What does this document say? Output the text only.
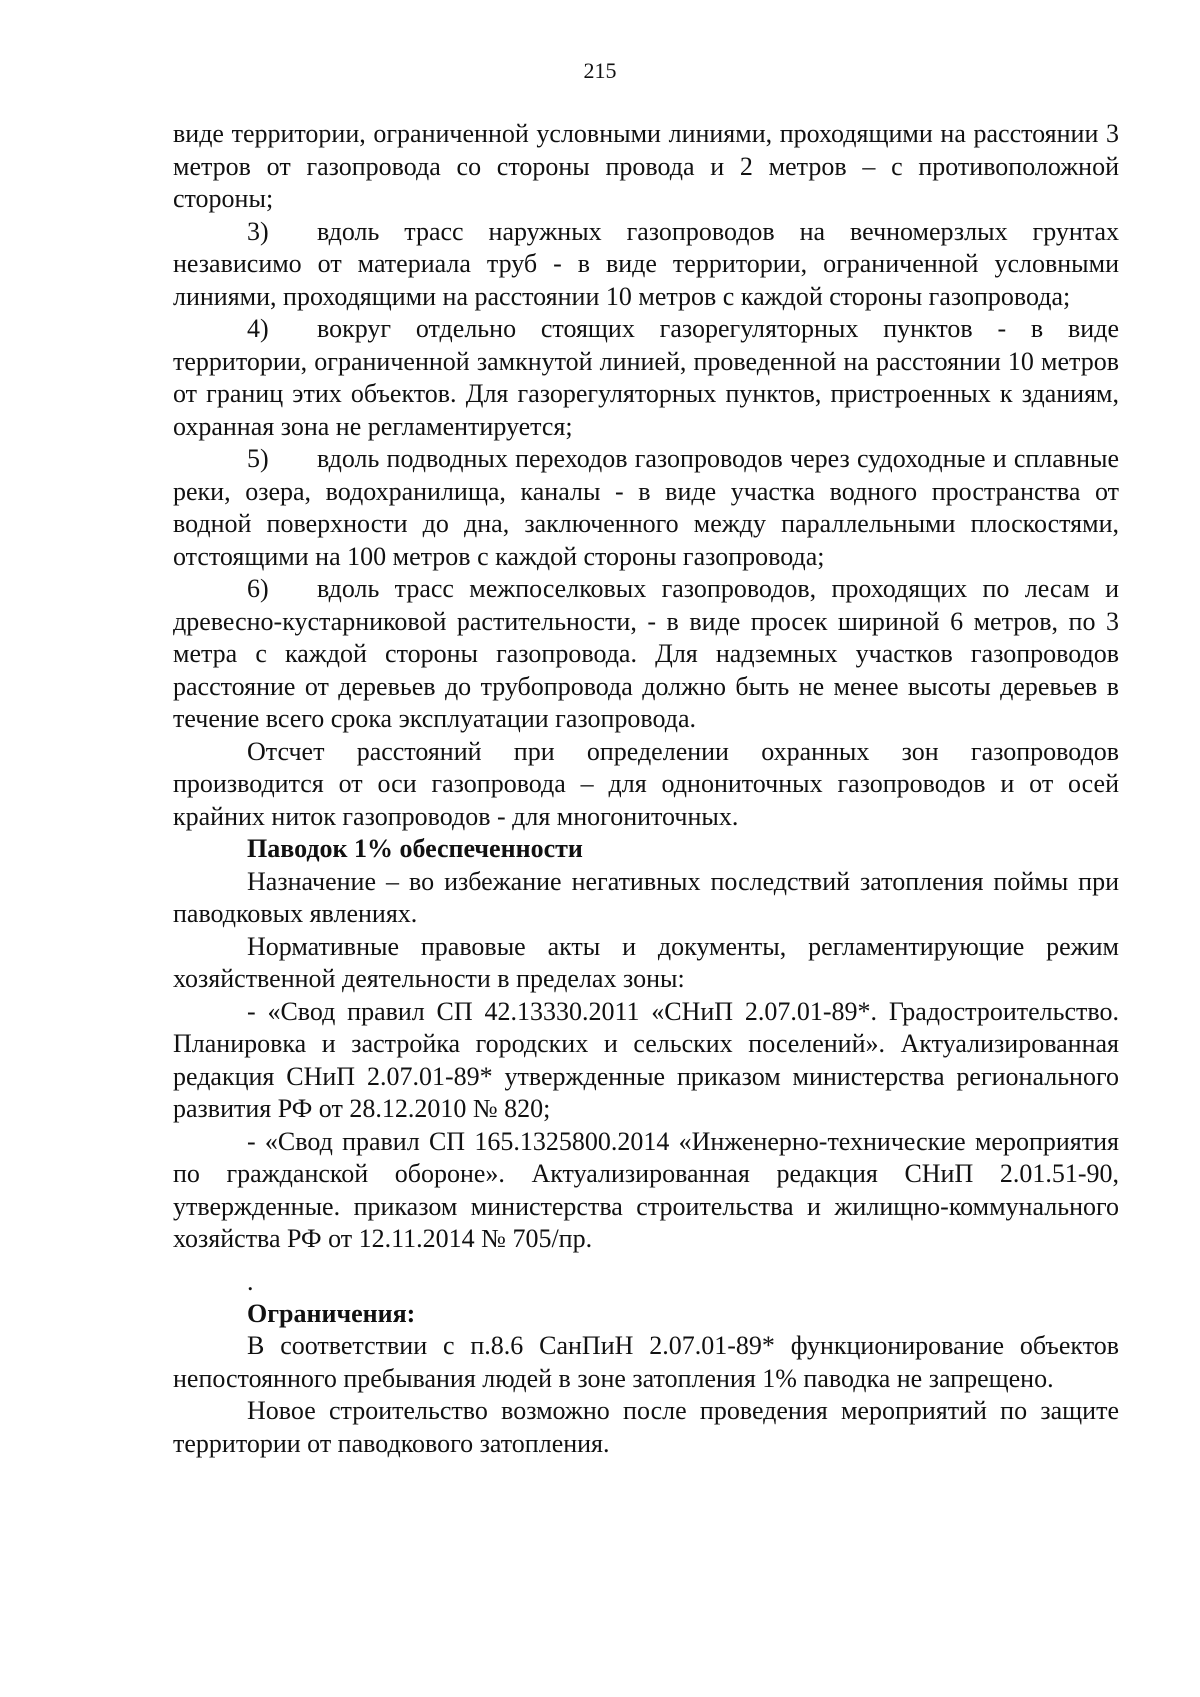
215

виде территории, ограниченной условными линиями, проходящими на расстоянии 3 метров от газопровода со стороны провода и 2 метров – с противоположной стороны;

3) вдоль трасс наружных газопроводов на вечномерзлых грунтах независимо от материала труб - в виде территории, ограниченной условными линиями, проходящими на расстоянии 10 метров с каждой стороны газопровода;

4) вокруг отдельно стоящих газорегуляторных пунктов - в виде территории, ограниченной замкнутой линией, проведенной на расстоянии 10 метров от границ этих объектов. Для газорегуляторных пунктов, пристроенных к зданиям, охранная зона не регламентируется;

5) вдоль подводных переходов газопроводов через судоходные и сплавные реки, озера, водохранилища, каналы - в виде участка водного пространства от водной поверхности до дна, заключенного между параллельными плоскостями, отстоящими на 100 метров с каждой стороны газопровода;

6) вдоль трасс межпоселковых газопроводов, проходящих по лесам и древесно-кустарниковой растительности, - в виде просек шириной 6 метров, по 3 метра с каждой стороны газопровода. Для надземных участков газопроводов расстояние от деревьев до трубопровода должно быть не менее высоты деревьев в течение всего срока эксплуатации газопровода.

Отсчет расстояний при определении охранных зон газопроводов производится от оси газопровода – для однониточных газопроводов и от осей крайних ниток газопроводов - для многониточных.

Паводок 1% обеспеченности

Назначение – во избежание негативных последствий затопления поймы при паводковых явлениях.

Нормативные правовые акты и документы, регламентирующие режим хозяйственной деятельности в пределах зоны:

- «Свод правил СП 42.13330.2011 «СНиП 2.07.01-89*. Градостроительство. Планировка и застройка городских и сельских поселений». Актуализированная редакция СНиП 2.07.01-89* утвержденные приказом министерства регионального развития РФ от 28.12.2010 № 820;

- «Свод правил СП 165.1325800.2014 «Инженерно-технические мероприятия по гражданской обороне». Актуализированная редакция СНиП 2.01.51-90, утвержденные. приказом министерства строительства и жилищно-коммунального хозяйства РФ от 12.11.2014 № 705/пр.

.

Ограничения:

В соответствии с п.8.6 СанПиН 2.07.01-89* функционирование объектов непостоянного пребывания людей в зоне затопления 1% паводка не запрещено.

Новое строительство возможно после проведения мероприятий по защите территории от паводкового затопления.
